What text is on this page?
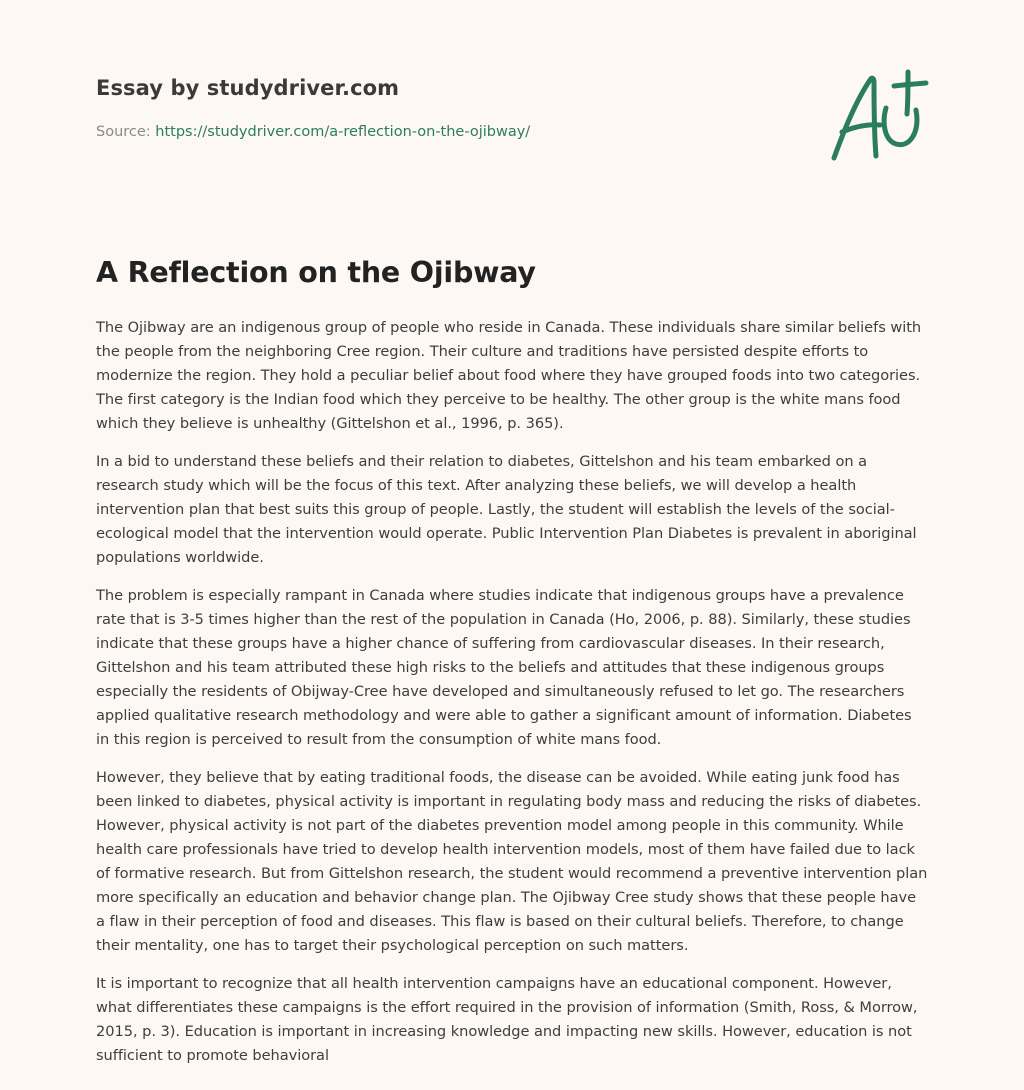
Essay by studydriver.com
Source: https://studydriver.com/a-reflection-on-the-ojibway/
A Reflection on the Ojibway

The Ojibway are an indigenous group of people who reside in Canada. These individuals share similar beliefs with the people from the neighboring Cree region. Their culture and traditions have persisted despite efforts to modernize the region. They hold a peculiar belief about food where they have grouped foods into two categories. The first category is the Indian food which they perceive to be healthy. The other group is the white mans food which they believe is unhealthy (Gittelshon et al., 1996, p. 365).

In a bid to understand these beliefs and their relation to diabetes, Gittelshon and his team embarked on a research study which will be the focus of this text. After analyzing these beliefs, we will develop a health intervention plan that best suits this group of people. Lastly, the student will establish the levels of the social-ecological model that the intervention would operate. Public Intervention Plan Diabetes is prevalent in aboriginal populations worldwide.

The problem is especially rampant in Canada where studies indicate that indigenous groups have a prevalence rate that is 3-5 times higher than the rest of the population in Canada (Ho, 2006, p. 88). Similarly, these studies indicate that these groups have a higher chance of suffering from cardiovascular diseases. In their research, Gittelshon and his team attributed these high risks to the beliefs and attitudes that these indigenous groups especially the residents of Obijway-Cree have developed and simultaneously refused to let go. The researchers applied qualitative research methodology and were able to gather a significant amount of information. Diabetes in this region is perceived to result from the consumption of white mans food.

However, they believe that by eating traditional foods, the disease can be avoided. While eating junk food has been linked to diabetes, physical activity is important in regulating body mass and reducing the risks of diabetes. However, physical activity is not part of the diabetes prevention model among people in this community. While health care professionals have tried to develop health intervention models, most of them have failed due to lack of formative research. But from Gittelshon research, the student would recommend a preventive intervention plan more specifically an education and behavior change plan. The Ojibway Cree study shows that these people have a flaw in their perception of food and diseases. This flaw is based on their cultural beliefs. Therefore, to change their mentality, one has to target their psychological perception on such matters.

It is important to recognize that all health intervention campaigns have an educational component. However, what differentiates these campaigns is the effort required in the provision of information (Smith, Ross, & Morrow, 2015, p. 3). Education is important in increasing knowledge and impacting new skills. However, education is not sufficient to promote behavioral
